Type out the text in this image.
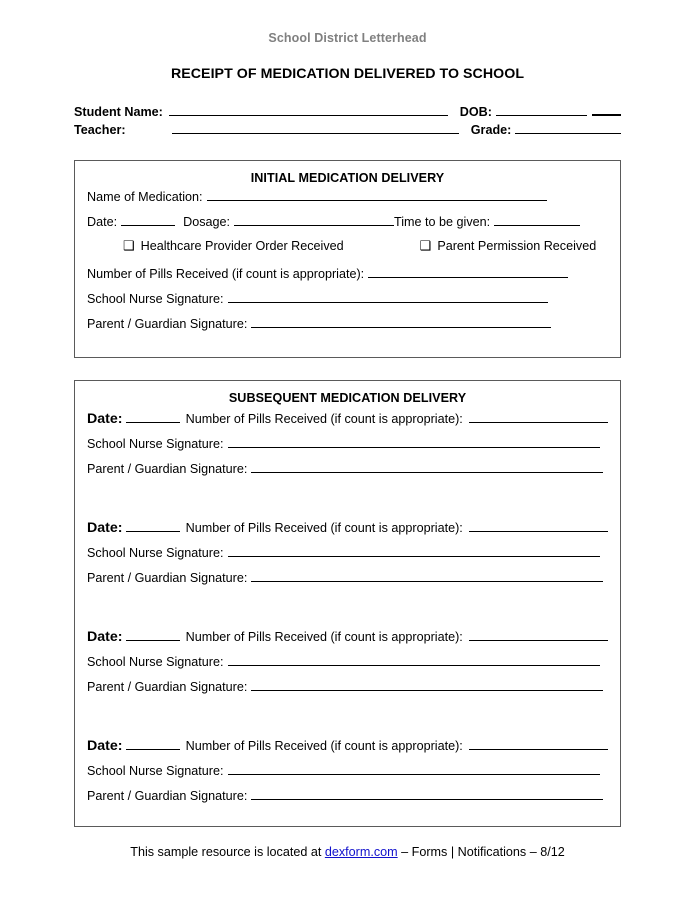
School District Letterhead
RECEIPT OF MEDICATION DELIVERED TO SCHOOL
Student Name:	DOB:
Teacher:	Grade:
INITIAL MEDICATION DELIVERY
Name of Medication:
Date:	Dosage:	Time to be given:
❑ Healthcare Provider Order Received	❑ Parent Permission Received
Number of Pills Received (if count is appropriate):
School Nurse Signature:
Parent / Guardian Signature:
SUBSEQUENT MEDICATION DELIVERY
Date:	Number of Pills Received (if count is appropriate):
School Nurse Signature:
Parent / Guardian Signature:
Date:	Number of Pills Received (if count is appropriate):
School Nurse Signature:
Parent / Guardian Signature:
Date:	Number of Pills Received (if count is appropriate):
School Nurse Signature:
Parent / Guardian Signature:
Date:	Number of Pills Received (if count is appropriate):
School Nurse Signature:
Parent / Guardian Signature:
This sample resource is located at dexform.com – Forms | Notifications – 8/12
